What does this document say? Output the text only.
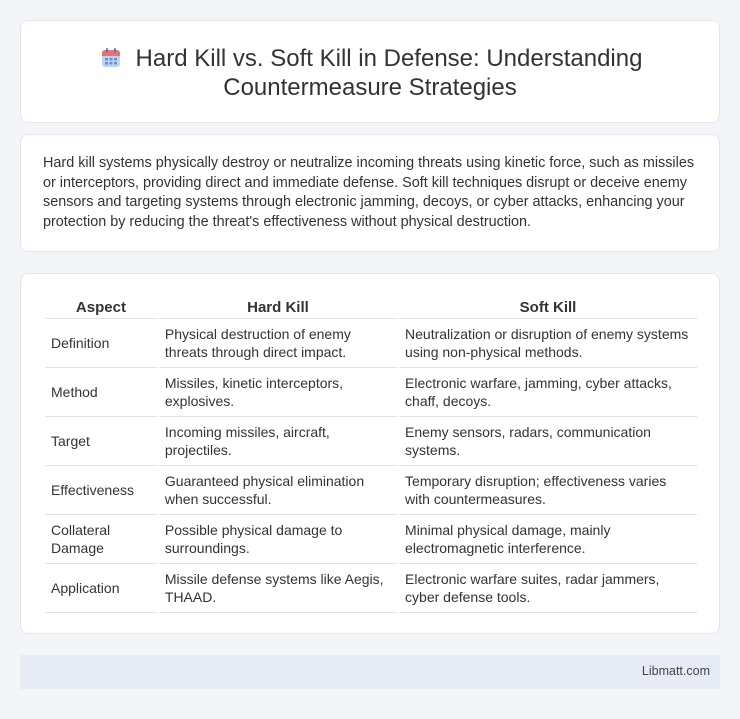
Hard Kill vs. Soft Kill in Defense: Understanding
Countermeasure Strategies

Hard kill systems physically destroy or neutralize incoming threats using kinetic force, such as missiles or interceptors, providing direct and immediate defense. Soft kill techniques disrupt or deceive enemy sensors and targeting systems through electronic jamming, decoys, or cyber attacks, enhancing your protection by reducing the threat's effectiveness without physical destruction.

Aspect	Hard Kill	Soft Kill
Definition	Physical destruction of enemy threats through direct impact.	Neutralization or disruption of enemy systems using non-physical methods.
Method	Missiles, kinetic interceptors, explosives.	Electronic warfare, jamming, cyber attacks, chaff, decoys.
Target	Incoming missiles, aircraft, projectiles.	Enemy sensors, radars, communication systems.
Effectiveness	Guaranteed physical elimination when successful.	Temporary disruption; effectiveness varies with countermeasures.
Collateral Damage	Possible physical damage to surroundings.	Minimal physical damage, mainly electromagnetic interference.
Application	Missile defense systems like Aegis, THAAD.	Electronic warfare suites, radar jammers, cyber defense tools.
Libmatt.com
